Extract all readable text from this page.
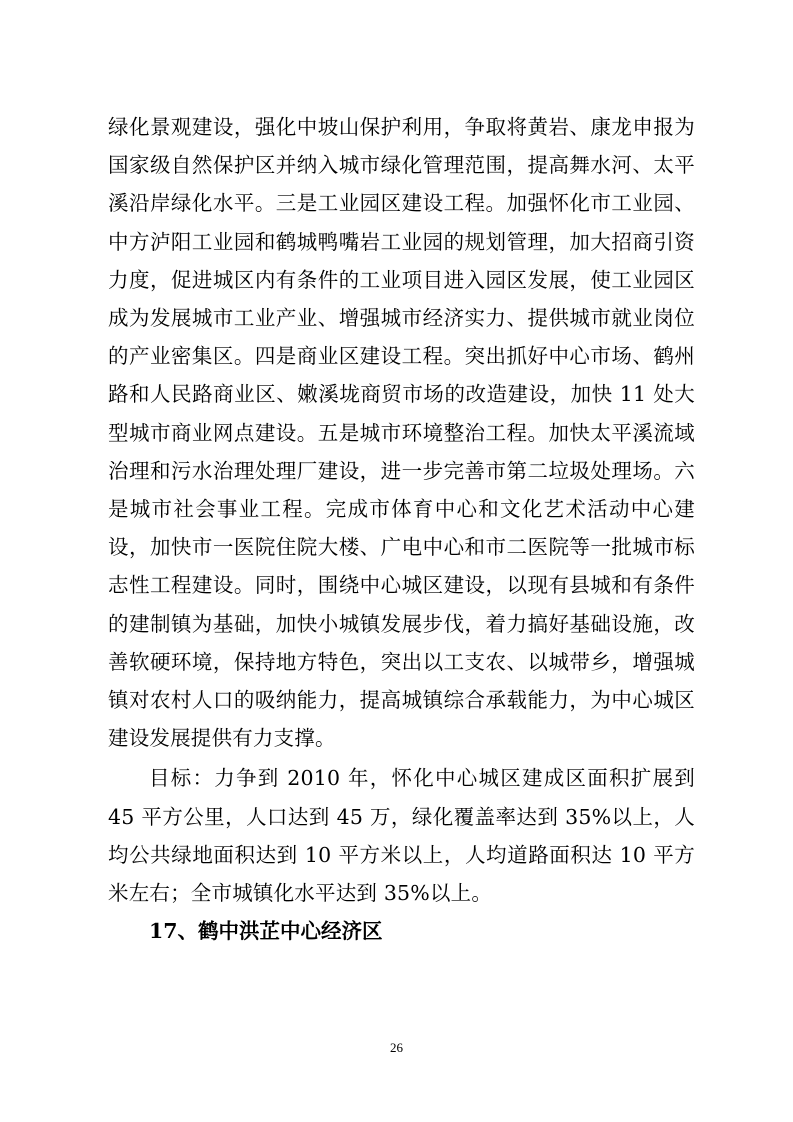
绿化景观建设，强化中坡山保护利用，争取将黄岩、康龙申报为国家级自然保护区并纳入城市绿化管理范围，提高舞水河、太平溪沿岸绿化水平。三是工业园区建设工程。加强怀化市工业园、中方泸阳工业园和鹤城鸭嘴岩工业园的规划管理，加大招商引资力度，促进城区内有条件的工业项目进入园区发展，使工业园区成为发展城市工业产业、增强城市经济实力、提供城市就业岗位的产业密集区。四是商业区建设工程。突出抓好中心市场、鹤州路和人民路商业区、嫩溪垅商贸市场的改造建设，加快 11 处大型城市商业网点建设。五是城市环境整治工程。加快太平溪流域治理和污水治理处理厂建设，进一步完善市第二垃圾处理场。六是城市社会事业工程。完成市体育中心和文化艺术活动中心建设，加快市一医院住院大楼、广电中心和市二医院等一批城市标志性工程建设。同时，围绕中心城区建设，以现有县城和有条件的建制镇为基础，加快小城镇发展步伐，着力搞好基础设施，改善软硬环境，保持地方特色，突出以工支农、以城带乡，增强城镇对农村人口的吸纳能力，提高城镇综合承载能力，为中心城区建设发展提供有力支撑。

目标：力争到 2010 年，怀化中心城区建成区面积扩展到 45 平方公里，人口达到 45 万，绿化覆盖率达到 35%以上，人均公共绿地面积达到 10 平方米以上，人均道路面积达 10 平方米左右；全市城镇化水平达到 35%以上。

17、鹤中洪芷中心经济区

26
